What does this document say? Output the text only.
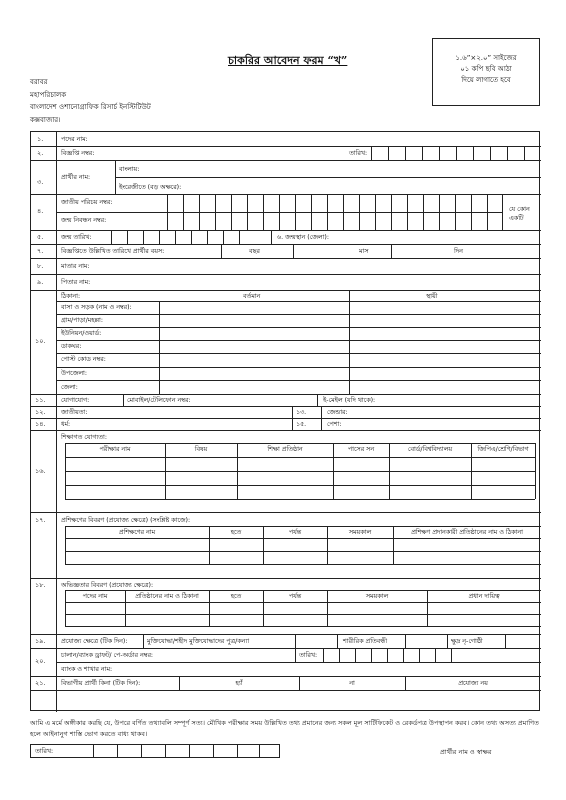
চাকরির আবেদন ফরম “খ”	১.৬”×২.০” সাইজের
০১ কপি ছবি আঠা
দিয়ে লাগাতে হবে
বরাবর
মহাপরিচালক
বাংলাদেশ ওশানোগ্রাফিক রিসার্চ ইনস্টিটিউট
কক্সবাজার।
১.	পদের নাম:
২.	বিজ্ঞপ্তি নম্বর:	তারিখ:
৩.
প্রার্থীর নাম:
বাংলায়:
ইংরেজীতে (বড় অক্ষরে):
৪.
জাতীয় পরিচয় নম্বর:
জন্ম নিবন্ধন নম্বর:
যে কোন
একটি
৫.	জন্ম তারিখ:	৬. জন্মস্থান (জেলা):
৭.	বিজ্ঞপ্তিতে উল্লিখিত তারিখে প্রার্থীর বয়স:	বছর	মাস	দিন
৮.	মাতার নাম:
৯.	পিতার নাম:
১০.
ঠিকানা:	বর্তমান	স্থায়ী
বাসা ও সড়ক (নাম ও নম্বর):
গ্রাম/পাড়া/মহল্লা:
ইউনিয়ন/ওয়ার্ড:
ডাকঘর:
পোস্ট কোড নম্বর:
উপজেলা:
জেলা:
১১. যোগাযোগ:	মোবাইল/টেলিফোন নম্বর:	ই-মেইল (যদি থাকে):
১২. জাতীয়তা:	১৩.	জেন্ডার:
১৪. ধর্ম:	১৫.	পেশা:
১৬.
শিক্ষাগত যোগ্যতা:
পরীক্ষার নাম	বিষয়	শিক্ষা প্রতিষ্ঠান	পাসের সন	বোর্ড/বিশ্ববিদ্যালয়	জিপিএ/শ্রেণি/বিভাগ
১৭. প্রশিক্ষণের বিবরণ (প্রযোজ্য ক্ষেত্রে) (সংশ্লিষ্ট কাজে):
প্রশিক্ষণের নাম	হতে	পর্যন্ত	সময়কাল	প্রশিক্ষণ প্রদানকারী প্রতিষ্ঠানের নাম ও ঠিকানা
১৮. অভিজ্ঞতার বিবরণ (প্রযোজ্য ক্ষেত্রে):
পদের নাম	প্রতিষ্ঠানের নাম ও ঠিকানা	হতে	পর্যন্ত	সময়কাল	প্রধান দায়িত্ব
১৯. প্রযোজ্য ক্ষেত্রে (টিক দিন):	মুক্তিযোদ্ধা/শহীদ মুক্তিযোদ্ধাদের পুত্র/কন্যা	শারীরিক প্রতিবন্ধী	ক্ষুদ্র নৃ-গোষ্ঠী
২০.
চালান/ব্যাংক ড্রাফট/ পে-অর্ডার নম্বর:	তারিখ:
ব্যাংক ও শাখার নাম:
২১. বিভাগীয় প্রার্থী কিনা (টিক দিন):	হ্যাঁ	না	প্রযোজ্য নয়
আমি এ মর্মে অঙ্গীকার করছি যে, উপরে বর্ণিত তথ্যাবলি সম্পূর্ণ সত্য। মৌখিক পরীক্ষার সময় উল্লিখিত তথ্য প্রমানের জন্য সকল মূল সার্টিফিকেট ও রেকর্ডপত্র উপস্থাপন করব। কোন তথ্য অসত্য প্রমাণিত হলে আইনানুগ শাস্তি ভোগ করতে বাধ্য থাকব।
তারিখ:	প্রার্থীর নাম ও স্বাক্ষর
